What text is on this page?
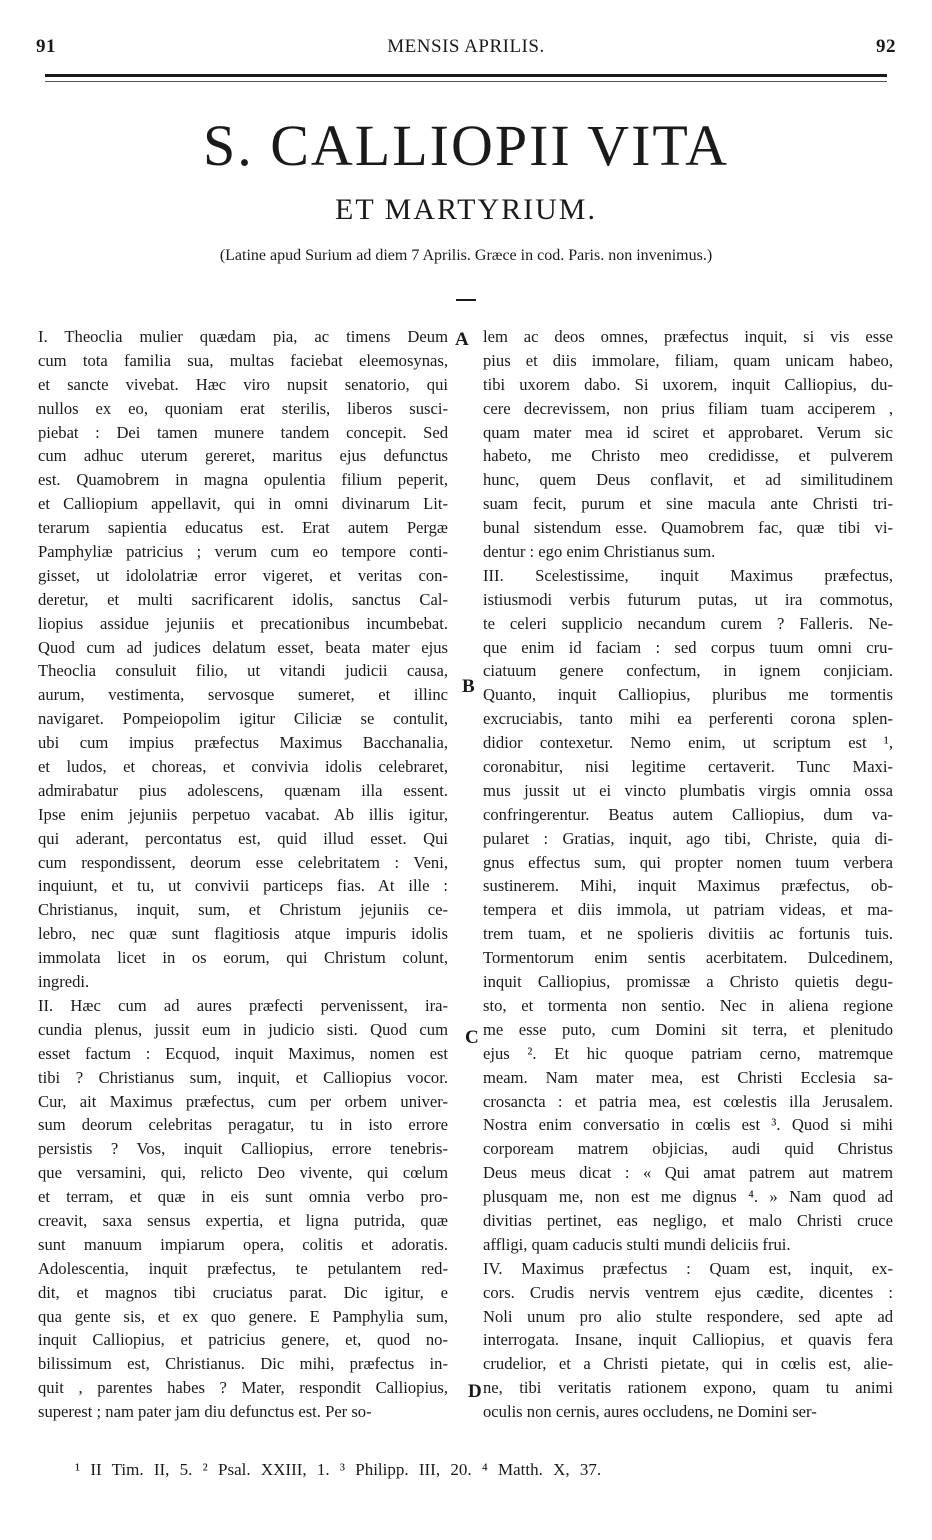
91	MENSIS APRILIS.	92
S. CALLIOPII VITA
ET MARTYRIUM.
(Latine apud Surium ad diem 7 Aprilis. Græce in cod. Paris. non invenimus.)
I. Theoclia mulier quædam pia, ac timens Deum
cum tota familia sua, multas faciebat eleemosynas,
et sancte vivebat. Hæc viro nupsit senatorio, qui
nullos ex eo, quoniam erat sterilis, liberos susci-
piebat : Dei tamen munere tandem concepit. Sed
cum adhuc uterum gereret, maritus ejus defunctus
est. Quamobrem in magna opulentia filium peperit,
et Calliopium appellavit, qui in omni divinarum Lit-
terarum sapientia educatus est. Erat autem Pergæ
Pamphyliæ patricius ; verum cum eo tempore conti-
gisset, ut idololatriæ error vigeret, et veritas con-
deretur, et multi sacrificarent idolis, sanctus Cal-
liopius assidue jejuniis et precationibus incumbebat.
Quod cum ad judices delatum esset, beata mater ejus
Theoclia consuluit filio, ut vitandi judicii causa,
aurum, vestimenta, servosque sumeret, et illinc
navigaret. Pompeiopolim igitur Ciliciæ se contulit,
ubi cum impius præfectus Maximus Bacchanalia,
et ludos, et choreas, et convivia idolis celebraret,
admirabatur pius adolescens, quænam illa essent.
Ipse enim jejuniis perpetuo vacabat. Ab illis igitur,
qui aderant, percontatus est, quid illud esset. Qui
cum respondissent, deorum esse celebritatem : Veni,
inquiunt, et tu, ut convivii particeps fias. At ille :
Christianus, inquit, sum, et Christum jejuniis ce-
lebro, nec quæ sunt flagitiosis atque impuris idolis
immolata licet in os eorum, qui Christum colunt,
ingredi.
II. Hæc cum ad aures præfecti pervenissent, ira-
cundia plenus, jussit eum in judicio sisti. Quod cum
esset factum : Ecquod, inquit Maximus, nomen est
tibi ? Christianus sum, inquit, et Calliopius vocor.
Cur, ait Maximus præfectus, cum per orbem univer-
sum deorum celebritas peragatur, tu in isto errore
persistis ? Vos, inquit Calliopius, errore tenebris-
que versamini, qui, relicto Deo vivente, qui cœlum
et terram, et quæ in eis sunt omnia verbo pro-
creavit, saxa sensus expertia, et ligna putrida, quæ
sunt manuum impiarum opera, colitis et adoratis.
Adolescentia, inquit præfectus, te petulantem red-
dit, et magnos tibi cruciatus parat. Dic igitur, e
qua gente sis, et ex quo genere. E Pamphylia sum,
inquit Calliopius, et patricius genere, et, quod no-
bilissimum est, Christianus. Dic mihi, præfectus in-
quit , parentes habes ? Mater, respondit Calliopius,
superest ; nam pater jam diu defunctus est. Per so-
lem ac deos omnes, præfectus inquit, si vis esse
pius et diis immolare, filiam, quam unicam habeo,
tibi uxorem dabo. Si uxorem, inquit Calliopius, du-
cere decrevissem, non prius filiam tuam acciperem ,
quam mater mea id sciret et approbaret. Verum sic
habeto, me Christo meo credidisse, et pulverem
hunc, quem Deus conflavit, et ad similitudinem
suam fecit, purum et sine macula ante Christi tri-
bunal sistendum esse. Quamobrem fac, quæ tibi vi-
dentur : ego enim Christianus sum.
III. Scelestissime, inquit Maximus præfectus,
istiusmodi verbis futurum putas, ut ira commotus,
te celeri supplicio necandum curem ? Falleris. Ne-
que enim id faciam : sed corpus tuum omni cru-
ciatuum genere confectum, in ignem conjiciam.
Quanto, inquit Calliopius, pluribus me tormentis
excruciabis, tanto mihi ea perferenti corona splen-
didior contexetur. Nemo enim, ut scriptum est ¹,
coronabitur, nisi legitime certaverit. Tunc Maxi-
mus jussit ut ei vincto plumbatis virgis omnia ossa
confringerentur. Beatus autem Calliopius, dum va-
pularet : Gratias, inquit, ago tibi, Christe, quia di-
gnus effectus sum, qui propter nomen tuum verbera
sustinerem. Mihi, inquit Maximus præfectus, ob-
tempera et diis immola, ut patriam videas, et ma-
trem tuam, et ne spolieris divitiis ac fortunis tuis.
Tormentorum enim sentis acerbitatem. Dulcedinem,
inquit Calliopius, promissæ a Christo quietis degu-
sto, et tormenta non sentio. Nec in aliena regione
me esse puto, cum Domini sit terra, et plenitudo
ejus ². Et hic quoque patriam cerno, matremque
meam. Nam mater mea, est Christi Ecclesia sa-
crosancta : et patria mea, est cœlestis illa Jerusalem.
Nostra enim conversatio in cœlis est ³. Quod si mihi
corpoream matrem objicias, audi quid Christus
Deus meus dicat : « Qui amat patrem aut matrem
plusquam me, non est me dignus ⁴. » Nam quod ad
divitias pertinet, eas negligo, et malo Christi cruce
affligi, quam caducis stulti mundi deliciis frui.
IV. Maximus præfectus : Quam est, inquit, ex-
cors. Crudis nervis ventrem ejus cædite, dicentes :
Noli unum pro alio stulte respondere, sed apte ad
interrogata. Insane, inquit Calliopius, et quavis fera
crudelior, et a Christi pietate, qui in cœlis est, alie-
ne, tibi veritatis rationem expono, quam tu animi
oculis non cernis, aures occludens, ne Domini ser-
A
B
C
D
¹ II Tim. II, 5. ² Psal. XXIII, 1. ³ Philipp. III, 20. ⁴ Matth. X, 37.
